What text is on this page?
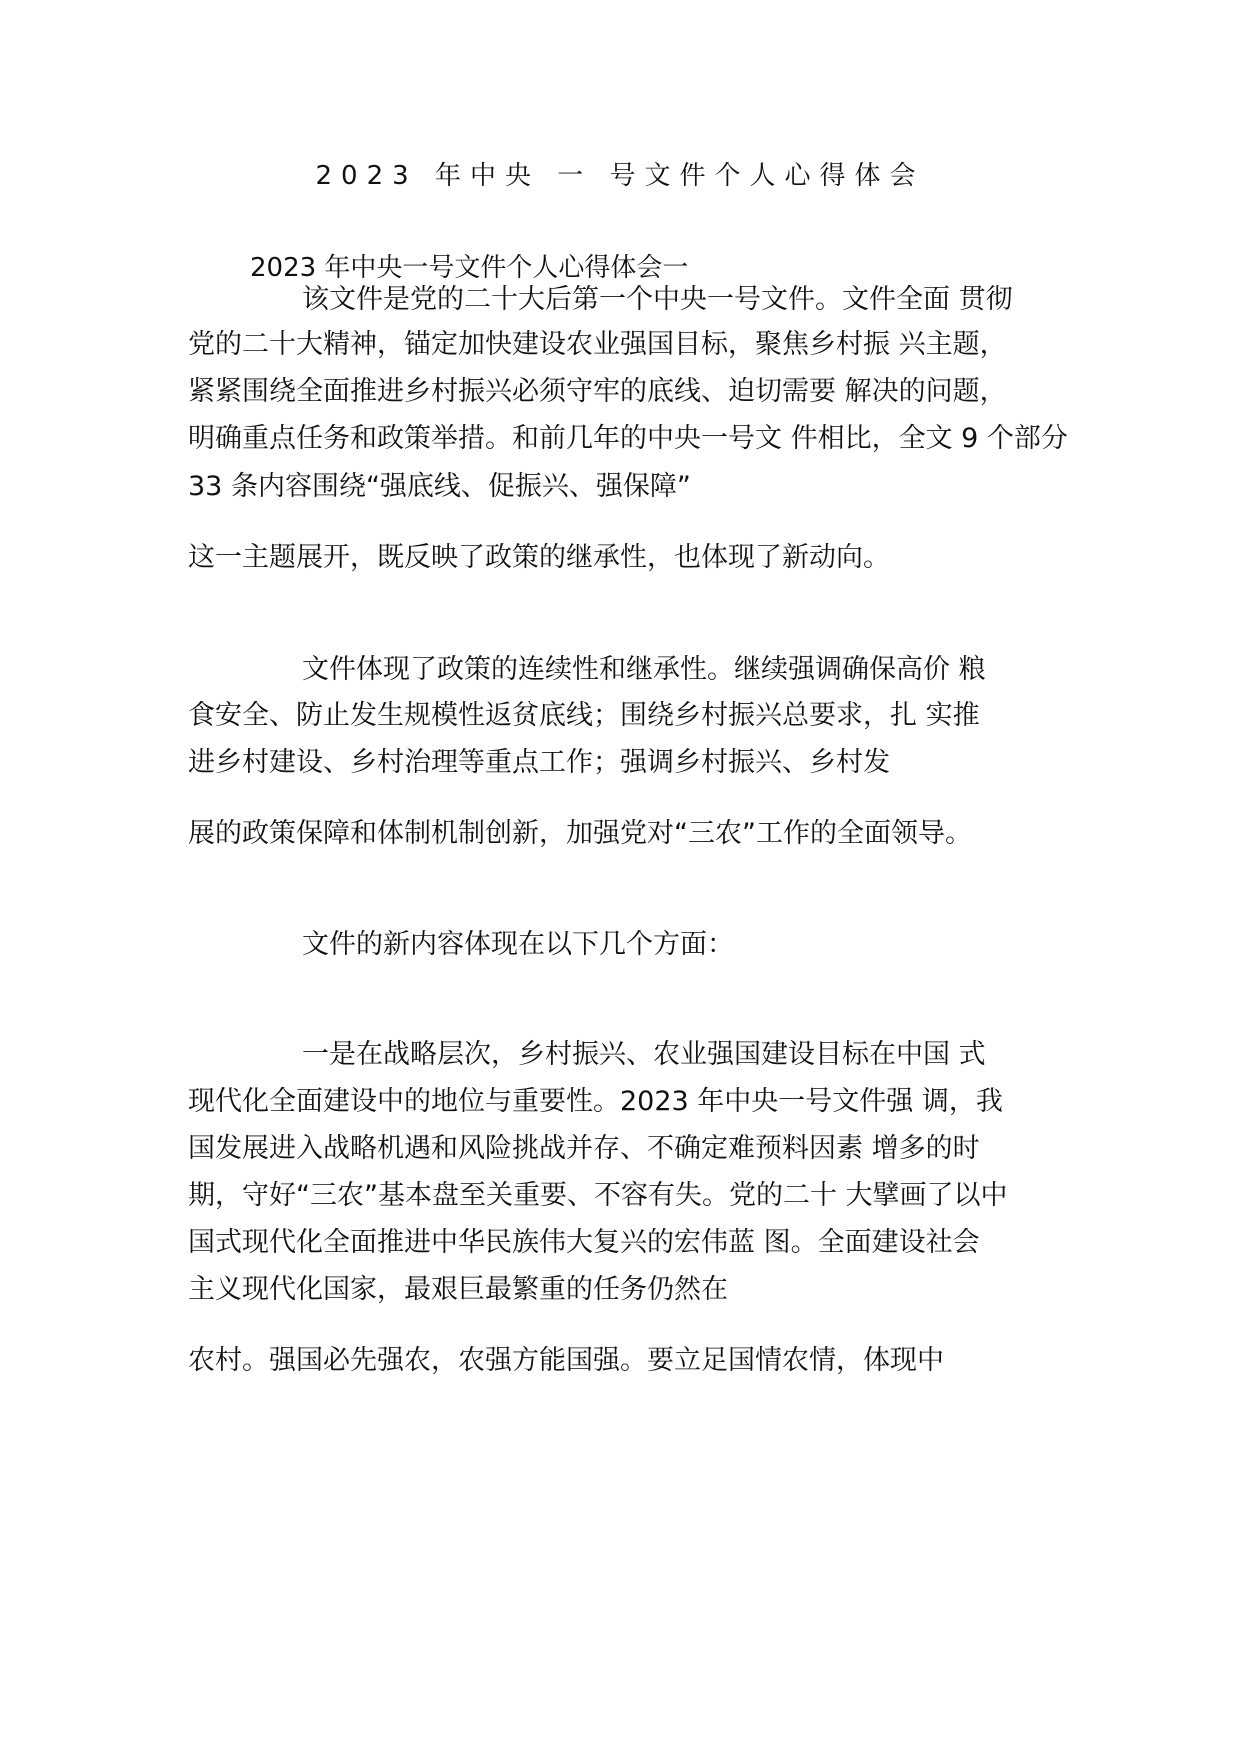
2023 年中央 一 号文件个人心得体会
2023 年中央一号文件个人心得体会一
该文件是党的二十大后第一个中央一号文件。文件全面 贯彻
党的二十大精神，锚定加快建设农业强国目标，聚焦乡村振 兴主题，
紧紧围绕全面推进乡村振兴必须守牢的底线、迫切需要 解决的问题，
明确重点任务和政策举措。和前几年的中央一号文 件相比，全文 9 个部分
33 条内容围绕“强底线、促振兴、强保障”
这一主题展开，既反映了政策的继承性，也体现了新动向。
文件体现了政策的连续性和继承性。继续强调确保高价 粮
食安全、防止发生规模性返贫底线；围绕乡村振兴总要求，扎 实推
进乡村建设、乡村治理等重点工作；强调乡村振兴、乡村发
展的政策保障和体制机制创新，加强党对“三农”工作的全面领导。
文件的新内容体现在以下几个方面：
一是在战略层次，乡村振兴、农业强国建设目标在中国 式
现代化全面建设中的地位与重要性。2023 年中央一号文件强 调，我
国发展进入战略机遇和风险挑战并存、不确定难预料因素 增多的时
期，守好“三农”基本盘至关重要、不容有失。党的二十 大擘画了以中
国式现代化全面推进中华民族伟大复兴的宏伟蓝 图。全面建设社会
主义现代化国家，最艰巨最繁重的任务仍然在
农村。强国必先强农，农强方能国强。要立足国情农情，体现中
